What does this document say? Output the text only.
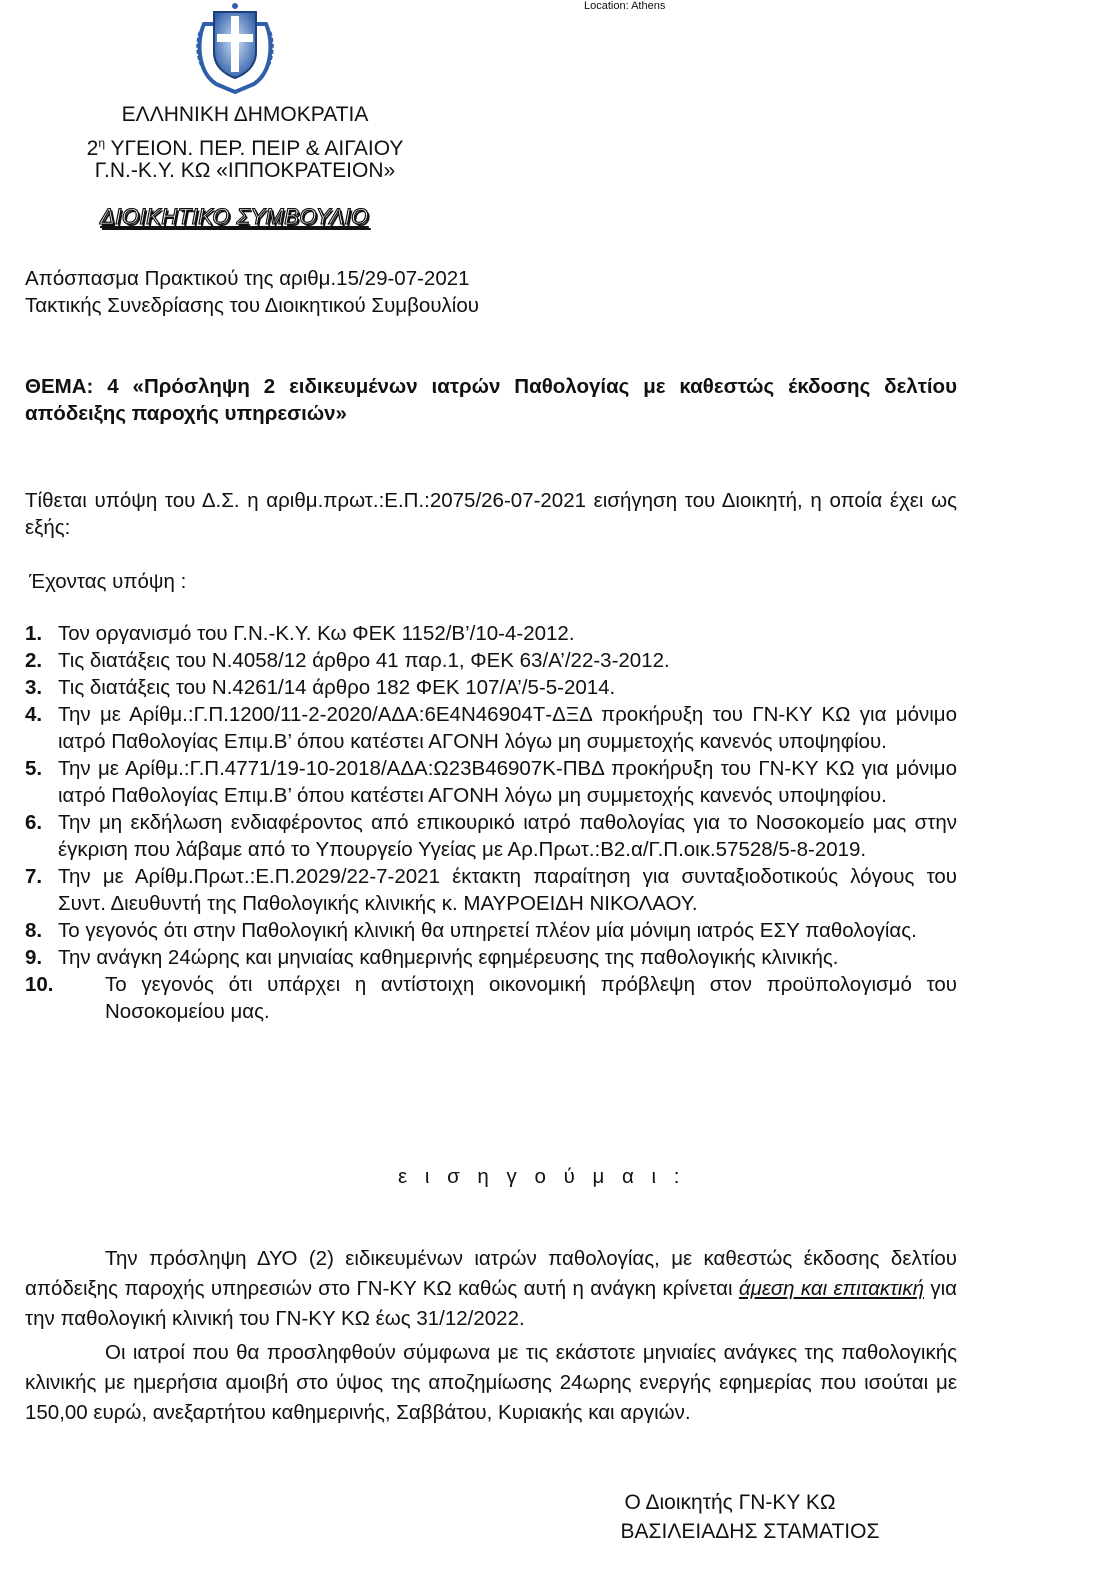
Location: Athens
ΕΛΛΗΝΙΚΗ ΔΗΜΟΚΡΑΤΙΑ
$2^\eta$ ΥΓΕΙΟΝ. ΠΕΡ. ΠΕΙΡ & ΑΙΓΑΙΟΥ
Γ.Ν.-Κ.Υ. ΚΩ «ΙΠΠΟΚΡΑΤΕΙΟΝ»
ΔΙΟΙΚΗΤΙΚΟ ΣΥΜΒΟΥΛΙΟ
Απόσπασμα Πρακτικού της αριθμ.15/29-07-2021
Τακτικής Συνεδρίασης του Διοικητικού Συμβουλίου
ΘΕΜΑ: 4 «Πρόσληψη 2 ειδικευμένων ιατρών Παθολογίας με καθεστώς έκδοσης δελτίου απόδειξης παροχής υπηρεσιών»
Τίθεται υπόψη του Δ.Σ. η αριθμ.πρωτ.:Ε.Π.:2075/26-07-2021 εισήγηση του Διοικητή, η οποία έχει ως εξής:
Έχοντας υπόψη :
1. Τον οργανισμό του Γ.Ν.-Κ.Υ. Κω ΦΕΚ 1152/Β’/10-4-2012.
2. Τις διατάξεις του Ν.4058/12 άρθρο 41 παρ.1, ΦΕΚ 63/Α’/22-3-2012.
3. Τις διατάξεις του Ν.4261/14 άρθρο 182 ΦΕΚ 107/Α’/5-5-2014.
4. Την με Αρίθμ.:Γ.Π.1200/11-2-2020/ΑΔΑ:6Ε4Ν46904Τ-ΔΞΔ προκήρυξη του ΓΝ-ΚΥ ΚΩ για μόνιμο ιατρό Παθολογίας Επιμ.Β’ όπου κατέστει ΑΓΟΝΗ λόγω μη συμμετοχής κανενός υποψηφίου.
5. Την με Αρίθμ.:Γ.Π.4771/19-10-2018/ΑΔΑ:Ω23Β46907Κ-ΠΒΔ προκήρυξη του ΓΝ-ΚΥ ΚΩ για μόνιμο ιατρό Παθολογίας Επιμ.Β’ όπου κατέστει ΑΓΟΝΗ λόγω μη συμμετοχής κανενός υποψηφίου.
6. Την μη εκδήλωση ενδιαφέροντος από επικουρικό ιατρό παθολογίας για το Νοσοκομείο μας στην έγκριση που λάβαμε από το Υπουργείο Υγείας με Αρ.Πρωτ.:Β2.α/Γ.Π.οικ.57528/5-8-2019.
7. Την με Αρίθμ.Πρωτ.:Ε.Π.2029/22-7-2021 έκτακτη παραίτηση για συνταξιοδοτικούς λόγους του Συντ. Διευθυντή της Παθολογικής κλινικής κ. ΜΑΥΡΟΕΙΔΗ ΝΙΚΟΛΑΟΥ.
8. Το γεγονός ότι στην Παθολογική κλινική θα υπηρετεί πλέον μία μόνιμη ιατρός ΕΣΥ παθολογίας.
9. Την ανάγκη 24ώρης και μηνιαίας καθημερινής εφημέρευσης της παθολογικής κλινικής.
10.	Το γεγονός ότι υπάρχει η αντίστοιχη οικονομική πρόβλεψη στον προϋπολογισμό του Νοσοκομείου μας.
ε ι σ η γ ο ύ μ α ι :
Την πρόσληψη ΔΥΟ (2) ειδικευμένων ιατρών παθολογίας, με καθεστώς έκδοσης δελτίου απόδειξης παροχής υπηρεσιών στο ΓΝ-ΚΥ ΚΩ καθώς αυτή η ανάγκη κρίνεται άμεση και επιτακτική για την παθολογική κλινική του ΓΝ-ΚΥ ΚΩ έως 31/12/2022.
Οι ιατροί που θα προσληφθούν σύμφωνα με τις εκάστοτε μηνιαίες ανάγκες της παθολογικής κλινικής με ημερήσια αμοιβή στο ύψος της αποζημίωσης 24ωρης ενεργής εφημερίας που ισούται με 150,00 ευρώ, ανεξαρτήτου καθημερινής, Σαββάτου, Κυριακής και αργιών.
Ο Διοικητής ΓΝ-ΚΥ ΚΩ
ΒΑΣΙΛΕΙΑΔΗΣ ΣΤΑΜΑΤΙΟΣ
